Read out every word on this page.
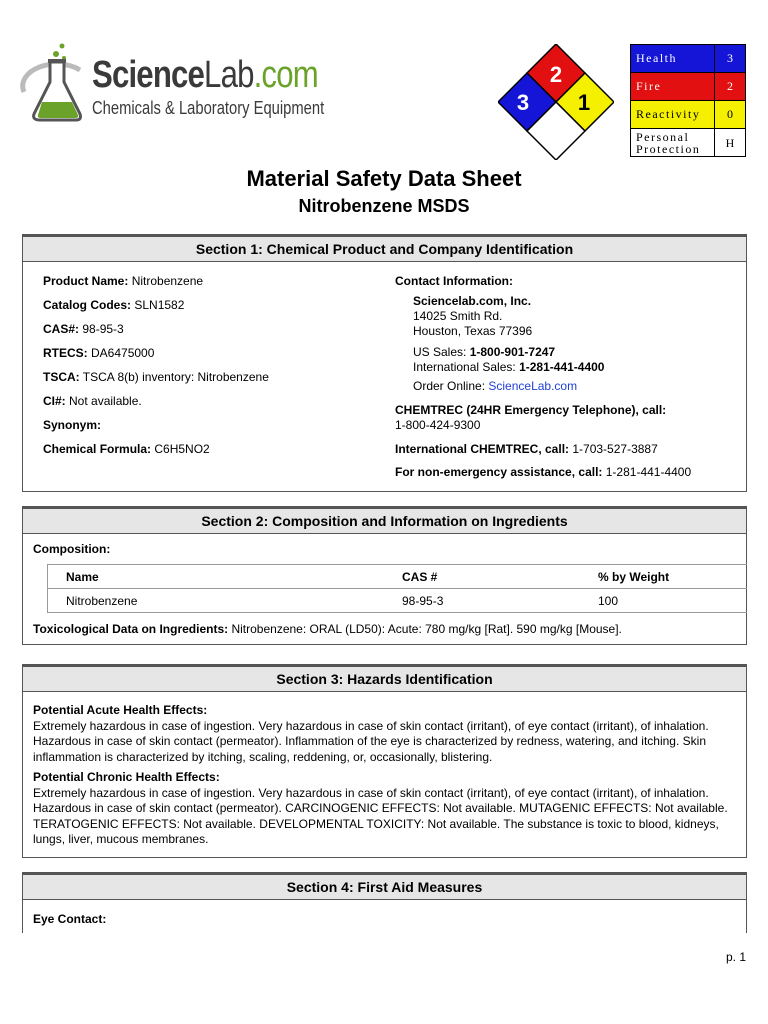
ScienceLab.com
Chemicals & Laboratory Equipment
2
3 1
Health	3
Fire	2
Reactivity	0
Personal
Protection	H
Material Safety Data Sheet
Nitrobenzene MSDS
Section 1: Chemical Product and Company Identification
Product Name: Nitrobenzene
Catalog Codes: SLN1582
CAS#: 98-95-3
RTECS: DA6475000
TSCA: TSCA 8(b) inventory: Nitrobenzene
CI#: Not available.
Synonym:
Chemical Formula: C6H5NO2
Contact Information:
Sciencelab.com, Inc.
14025 Smith Rd.
Houston, Texas 77396
US Sales: 1-800-901-7247
International Sales: 1-281-441-4400
Order Online: ScienceLab.com
CHEMTREC (24HR Emergency Telephone), call:
1-800-424-9300
International CHEMTREC, call: 1-703-527-3887
For non-emergency assistance, call: 1-281-441-4400
Section 2: Composition and Information on Ingredients
Composition:
Name	CAS #	% by Weight
Nitrobenzene	98-95-3	100
Toxicological Data on Ingredients: Nitrobenzene: ORAL (LD50): Acute: 780 mg/kg [Rat]. 590 mg/kg [Mouse].
Section 3: Hazards Identification
Potential Acute Health Effects:
Extremely hazardous in case of ingestion. Very hazardous in case of skin contact (irritant), of eye contact (irritant), of inhalation. Hazardous in case of skin contact (permeator). Inflammation of the eye is characterized by redness, watering, and itching. Skin inflammation is characterized by itching, scaling, reddening, or, occasionally, blistering.
Potential Chronic Health Effects:
Extremely hazardous in case of ingestion. Very hazardous in case of skin contact (irritant), of eye contact (irritant), of inhalation. Hazardous in case of skin contact (permeator). CARCINOGENIC EFFECTS: Not available. MUTAGENIC EFFECTS: Not available. TERATOGENIC EFFECTS: Not available. DEVELOPMENTAL TOXICITY: Not available. The substance is toxic to blood, kidneys, lungs, liver, mucous membranes.
Section 4: First Aid Measures
Eye Contact:
p. 1
